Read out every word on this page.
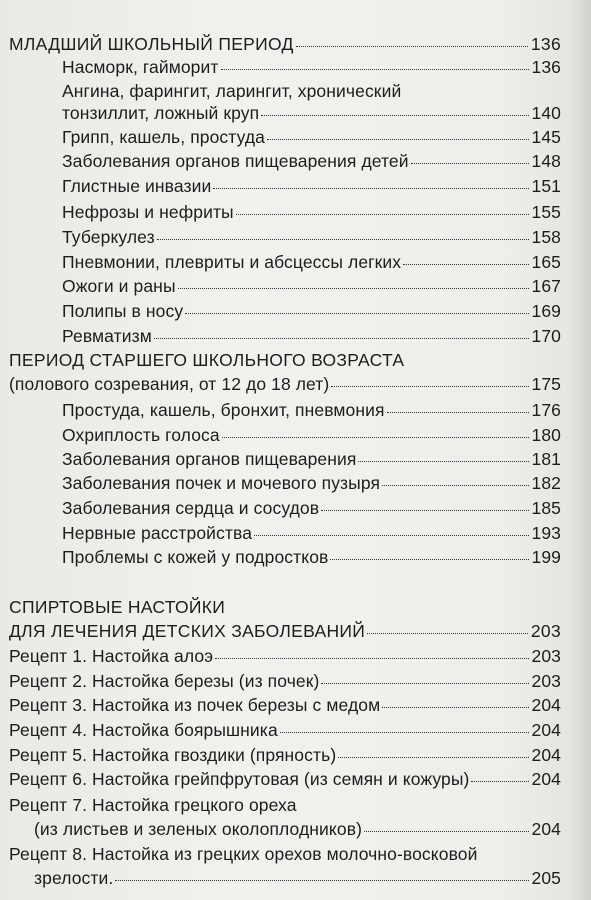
МЛАДШИЙ ШКОЛЬНЫЙ ПЕРИОД	136
Насморк, гайморит	136
Ангина, фарингит, ларингит, хронический
тонзиллит, ложный круп	140
Грипп, кашель, простуда	145
Заболевания органов пищеварения детей	148
Глистные инвазии	151
Нефрозы и нефриты	155
Туберкулез	158
Пневмонии, плевриты и абсцессы легких	165
Ожоги и раны	167
Полипы в носу	169
Ревматизм	170
ПЕРИОД СТАРШЕГО ШКОЛЬНОГО ВОЗРАСТА
(полового созревания, от 12 до 18 лет)	175
Простуда, кашель, бронхит, пневмония	176
Охриплость голоса	180
Заболевания органов пищеварения	181
Заболевания почек и мочевого пузыря	182
Заболевания сердца и сосудов	185
Нервные расстройства	193
Проблемы с кожей у подростков	199
СПИРТОВЫЕ НАСТОЙКИ
ДЛЯ ЛЕЧЕНИЯ ДЕТСКИХ ЗАБОЛЕВАНИЙ	203
Рецепт 1. Настойка алоэ	203
Рецепт 2. Настойка березы (из почек)	203
Рецепт 3. Настойка из почек березы с медом	204
Рецепт 4. Настойка боярышника	204
Рецепт 5. Настойка гвоздики (пряность)	204
Рецепт 6. Настойка грейпфрутовая (из семян и кожуры)	204
Рецепт 7. Настойка грецкого ореха
(из листьев и зеленых околоплодников)	204
Рецепт 8. Настойка из грецких орехов молочно-восковой
зрелости.	205
